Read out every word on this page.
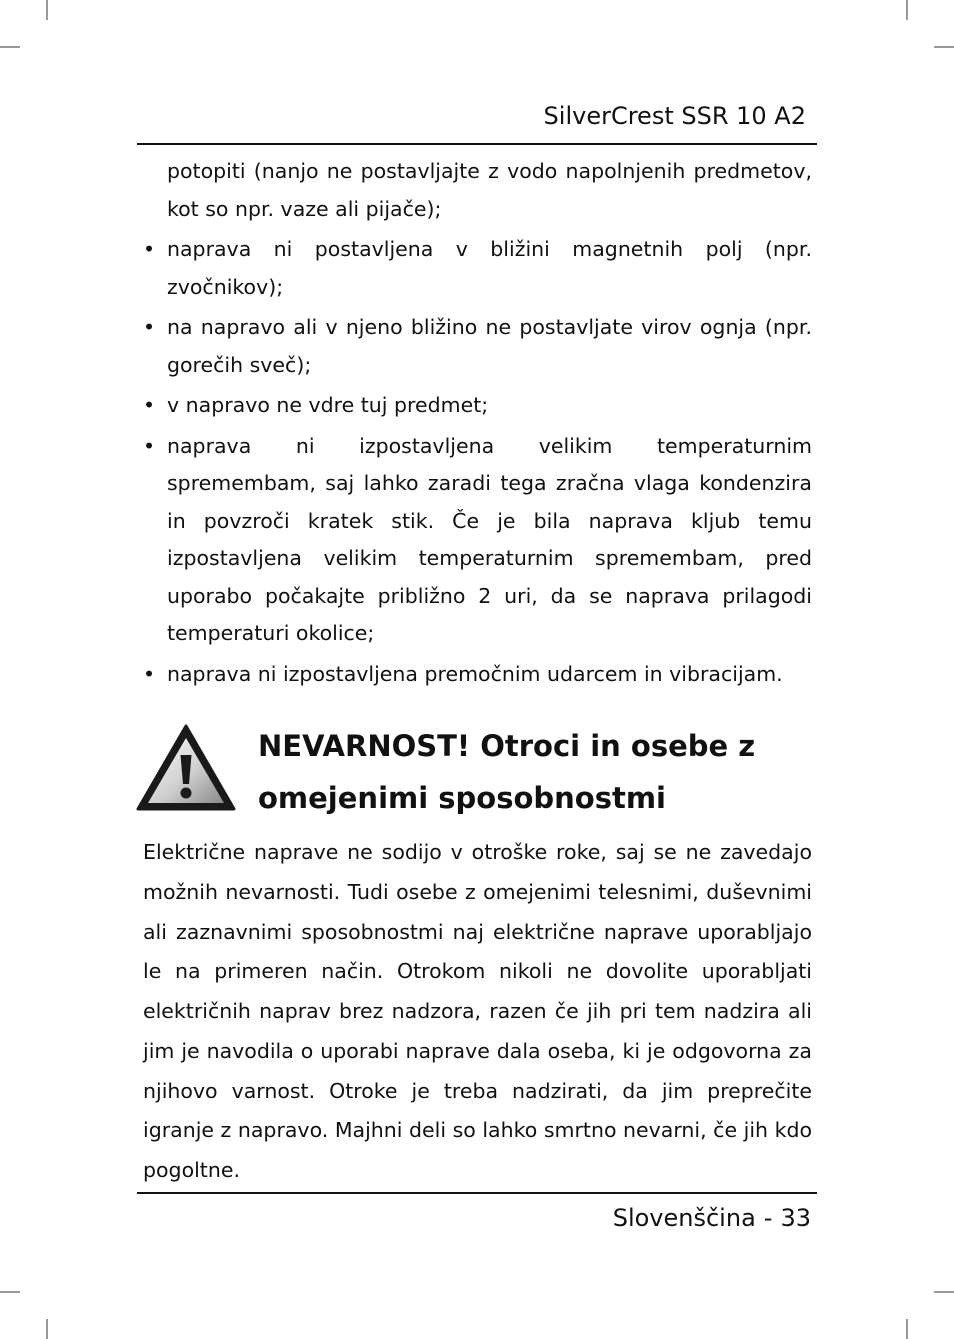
SilverCrest SSR 10 A2

potopiti (nanjo ne postavljajte z vodo napolnjenih predmetov, kot so npr. vaze ali pijače);

• naprava ni postavljena v bližini magnetnih polj (npr. zvočnikov);

• na napravo ali v njeno bližino ne postavljate virov ognja (npr. gorečih sveč);

• v napravo ne vdre tuj predmet;

• naprava ni izpostavljena velikim temperaturnim spremembam, saj lahko zaradi tega zračna vlaga kondenzira in povzroči kratek stik. Če je bila naprava kljub temu izpostavljena velikim temperaturnim spremembam, pred uporabo počakajte približno 2 uri, da se naprava prilagodi temperaturi okolice;

• naprava ni izpostavljena premočnim udarcem in vibracijam.

NEVARNOST! Otroci in osebe z omejenimi sposobnostmi

Električne naprave ne sodijo v otroške roke, saj se ne zavedajo možnih nevarnosti. Tudi osebe z omejenimi telesnimi, duševnimi ali zaznavnimi sposobnostmi naj električne naprave uporabljajo le na primeren način. Otrokom nikoli ne dovolite uporabljati električnih naprav brez nadzora, razen če jih pri tem nadzira ali jim je navodila o uporabi naprave dala oseba, ki je odgovorna za njihovo varnost. Otroke je treba nadzirati, da jim preprečite igranje z napravo. Majhni deli so lahko smrtno nevarni, če jih kdo pogoltne.

Slovenščina - 33
